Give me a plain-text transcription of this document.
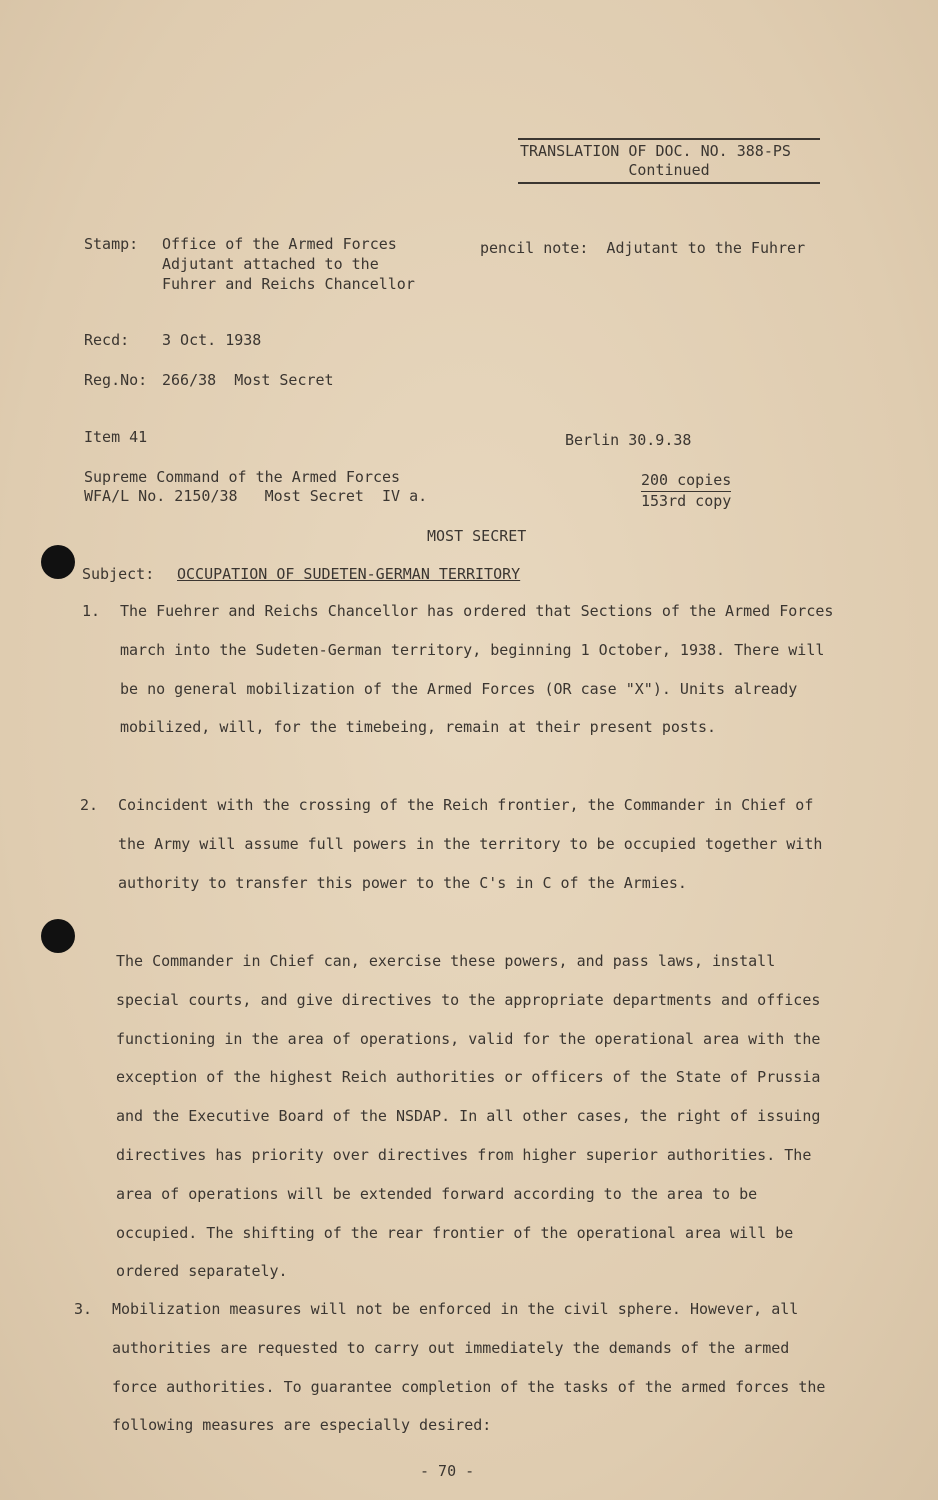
TRANSLATION OF DOC. NO. 388-PS
Continued
Stamp: Office of the Armed Forces
Adjutant attached to the
Fuhrer and Reichs Chancellor
pencil note:  Adjutant to the Fuhrer
Recd: 3 Oct. 1938
Reg.No: 266/38  Most Secret
Item 41	Berlin 30.9.38
Supreme Command of the Armed Forces
WFA/L No. 2150/38   Most Secret  IV a.
200 copies
153rd copy
MOST SECRET
Subject: OCCUPATION OF SUDETEN-GERMAN TERRITORY
1. The Fuehrer and Reichs Chancellor has ordered that Sections of the Armed Forces march into the Sudeten-German territory, beginning 1 October, 1938. There will be no general mobilization of the Armed Forces (OR case "X"). Units already mobilized, will, for the timebeing, remain at their present posts.
2. Coincident with the crossing of the Reich frontier, the Commander in Chief of the Army will assume full powers in the territory to be occupied together with authority to transfer this power to the C's in C of the Armies.
The Commander in Chief can, exercise these powers, and pass laws, install special courts, and give directives to the appropriate departments and offices functioning in the area of operations, valid for the operational area with the exception of the highest Reich authorities or officers of the State of Prussia and the Executive Board of the NSDAP. In all other cases, the right of issuing directives has priority over directives from higher superior authorities. The area of operations will be extended forward according to the area to be occupied. The shifting of the rear frontier of the operational area will be ordered separately.
3. Mobilization measures will not be enforced in the civil sphere. However, all authorities are requested to carry out immediately the demands of the armed force authorities. To guarantee completion of the tasks of the armed forces the following measures are especially desired:
- 70 -
